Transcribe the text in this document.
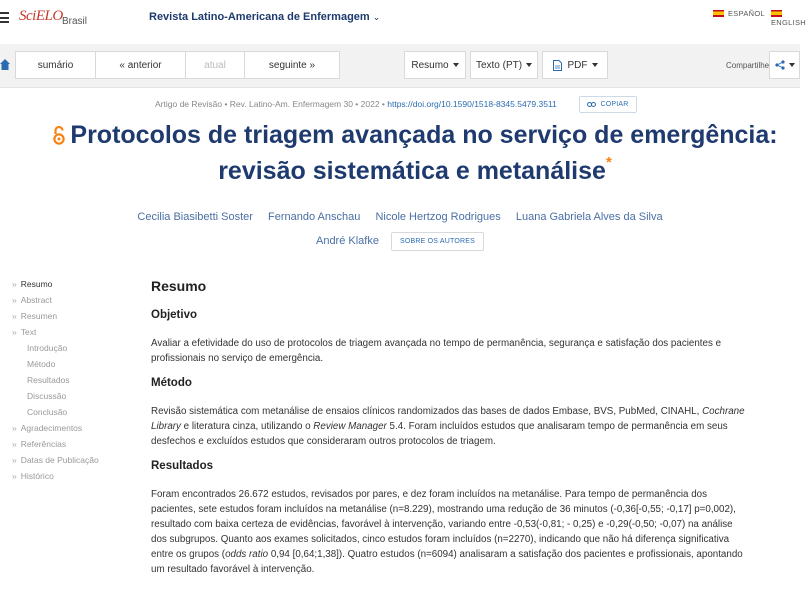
SciELO Brasil	Revista Latino-Americana de Enfermagem ⌄	ESPAÑOL
ENGLISH
sumário	« anterior	atual	seguinte »	Resumo	Texto (PT)	PDF	Compartilhe
Artigo de Revisão • Rev. Latino-Am. Enfermagem 30 • 2022 • https://doi.org/10.1590/1518-8345.5479.3511	COPIAR
Protocolos de triagem avançada no serviço de emergência:
revisão sistemática e metanálise*
Cecilia Biasibetti Soster Fernando Anschau Nicole Hertzog Rodrigues Luana Gabriela Alves da Silva
André Klafke	SOBRE OS AUTORES
» Resumo
» Abstract
» Resumen
» Text
Introdução
Método
Resultados
Discussão
Conclusão
» Agradecimentos
» Referências
» Datas de Publicação
» Histórico
Resumo
Objetivo
Avaliar a efetividade do uso de protocolos de triagem avançada no tempo de permanência, segurança e satisfação dos pacientes e profissionais no serviço de emergência.
Método
Revisão sistemática com metanálise de ensaios clínicos randomizados das bases de dados Embase, BVS, PubMed, CINAHL, Cochrane Library e literatura cinza, utilizando o Review Manager 5.4. Foram incluídos estudos que analisaram tempo de permanência em seus desfechos e excluídos estudos que consideraram outros protocolos de triagem.
Resultados
Foram encontrados 26.672 estudos, revisados por pares, e dez foram incluídos na metanálise. Para tempo de permanência dos pacientes, sete estudos foram incluídos na metanálise (n=8.229), mostrando uma redução de 36 minutos (-0,36[-0,55; -0,17] p=0,002), resultado com baixa certeza de evidências, favorável à intervenção, variando entre -0,53(-0,81; - 0,25) e -0,29(-0,50; -0,07) na análise dos subgrupos. Quanto aos exames solicitados, cinco estudos foram incluídos (n=2270), indicando que não há diferença significativa entre os grupos (odds ratio 0,94 [0,64;1,38]). Quatro estudos (n=6094) analisaram a satisfação dos pacientes e profissionais, apontando um resultado favorável à intervenção.
